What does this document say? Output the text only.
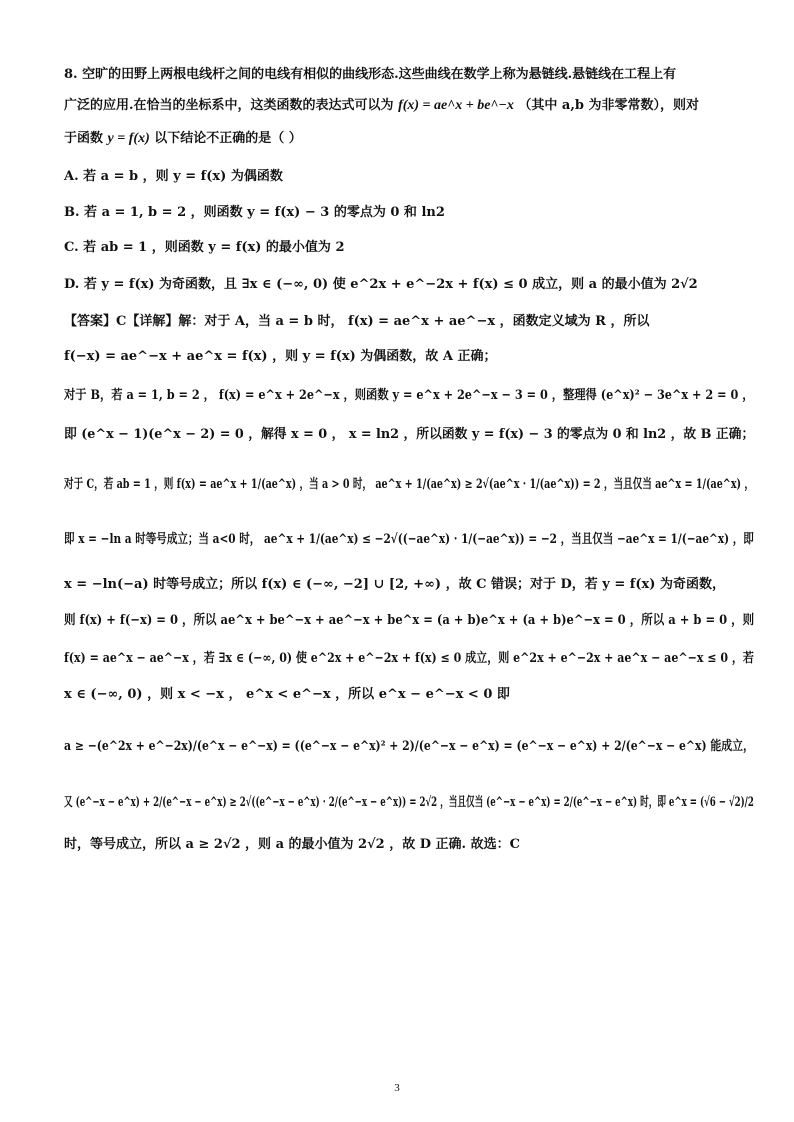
8. 空旷的田野上两根电线杆之间的电线有相似的曲线形态.这些曲线在数学上称为悬链线.悬链线在工程上有
广泛的应用.在恰当的坐标系中，这类函数的表达式可以为 f(x) = ae^x + be^−x （其中 a,b 为非零常数），则对
于函数 y = f(x) 以下结论不正确的是（ ）
A. 若 a = b ，则 y = f(x) 为偶函数
B. 若 a = 1, b = 2 ，则函数 y = f(x) − 3 的零点为 0 和 ln2
C. 若 ab = 1 ，则函数 y = f(x) 的最小值为 2
D. 若 y = f(x) 为奇函数，且 ∃x ∈ (−∞, 0) 使 e^2x + e^−2x + f(x) ≤ 0 成立，则 a 的最小值为 2√2
【答案】C【详解】解：对于 A，当 a = b 时， f(x) = ae^x + ae^−x ，函数定义域为 R ，所以
f(−x) = ae^−x + ae^x = f(x) ，则 y = f(x) 为偶函数，故 A 正确；
对于 B，若 a = 1, b = 2 ， f(x) = e^x + 2e^−x ，则函数 y = e^x + 2e^−x − 3 = 0 ，整理得 (e^x)² − 3e^x + 2 = 0 ，
即 (e^x − 1)(e^x − 2) = 0 ，解得 x = 0 ， x = ln2 ，所以函数 y = f(x) − 3 的零点为 0 和 ln2 ，故 B 正确；
对于 C，若 ab = 1 ，则 f(x) = ae^x + 1/(ae^x) ，当 a > 0 时， ae^x + 1/(ae^x) ≥ 2√(ae^x · 1/(ae^x)) = 2 ，当且仅当 ae^x = 1/(ae^x) ，
即 x = −ln a 时等号成立；当 a<0 时， ae^x + 1/(ae^x) ≤ −2√((−ae^x) · 1/(−ae^x)) = −2 ，当且仅当 −ae^x = 1/(−ae^x) ，即
x = −ln(−a) 时等号成立；所以 f(x) ∈ (−∞, −2] ∪ [2, +∞) ，故 C 错误；对于 D，若 y = f(x) 为奇函数，
则 f(x) + f(−x) = 0 ，所以 ae^x + be^−x + ae^−x + be^x = (a + b)e^x + (a + b)e^−x = 0 ，所以 a + b = 0 ，则
f(x) = ae^x − ae^−x ，若 ∃x ∈ (−∞, 0) 使 e^2x + e^−2x + f(x) ≤ 0 成立，则 e^2x + e^−2x + ae^x − ae^−x ≤ 0 ，若
x ∈ (−∞, 0) ，则 x < −x ， e^x < e^−x ，所以 e^x − e^−x < 0 即
a ≥ −(e^2x + e^−2x)/(e^x − e^−x) = ((e^−x − e^x)² + 2)/(e^−x − e^x) = (e^−x − e^x) + 2/(e^−x − e^x) 能成立，
又 (e^−x − e^x) + 2/(e^−x − e^x) ≥ 2√((e^−x − e^x) · 2/(e^−x − e^x)) = 2√2 ，当且仅当 (e^−x − e^x) = 2/(e^−x − e^x) 时，即 e^x = (√6 − √2)/2
时，等号成立，所以 a ≥ 2√2 ，则 a 的最小值为 2√2 ，故 D 正确. 故选：C
3
